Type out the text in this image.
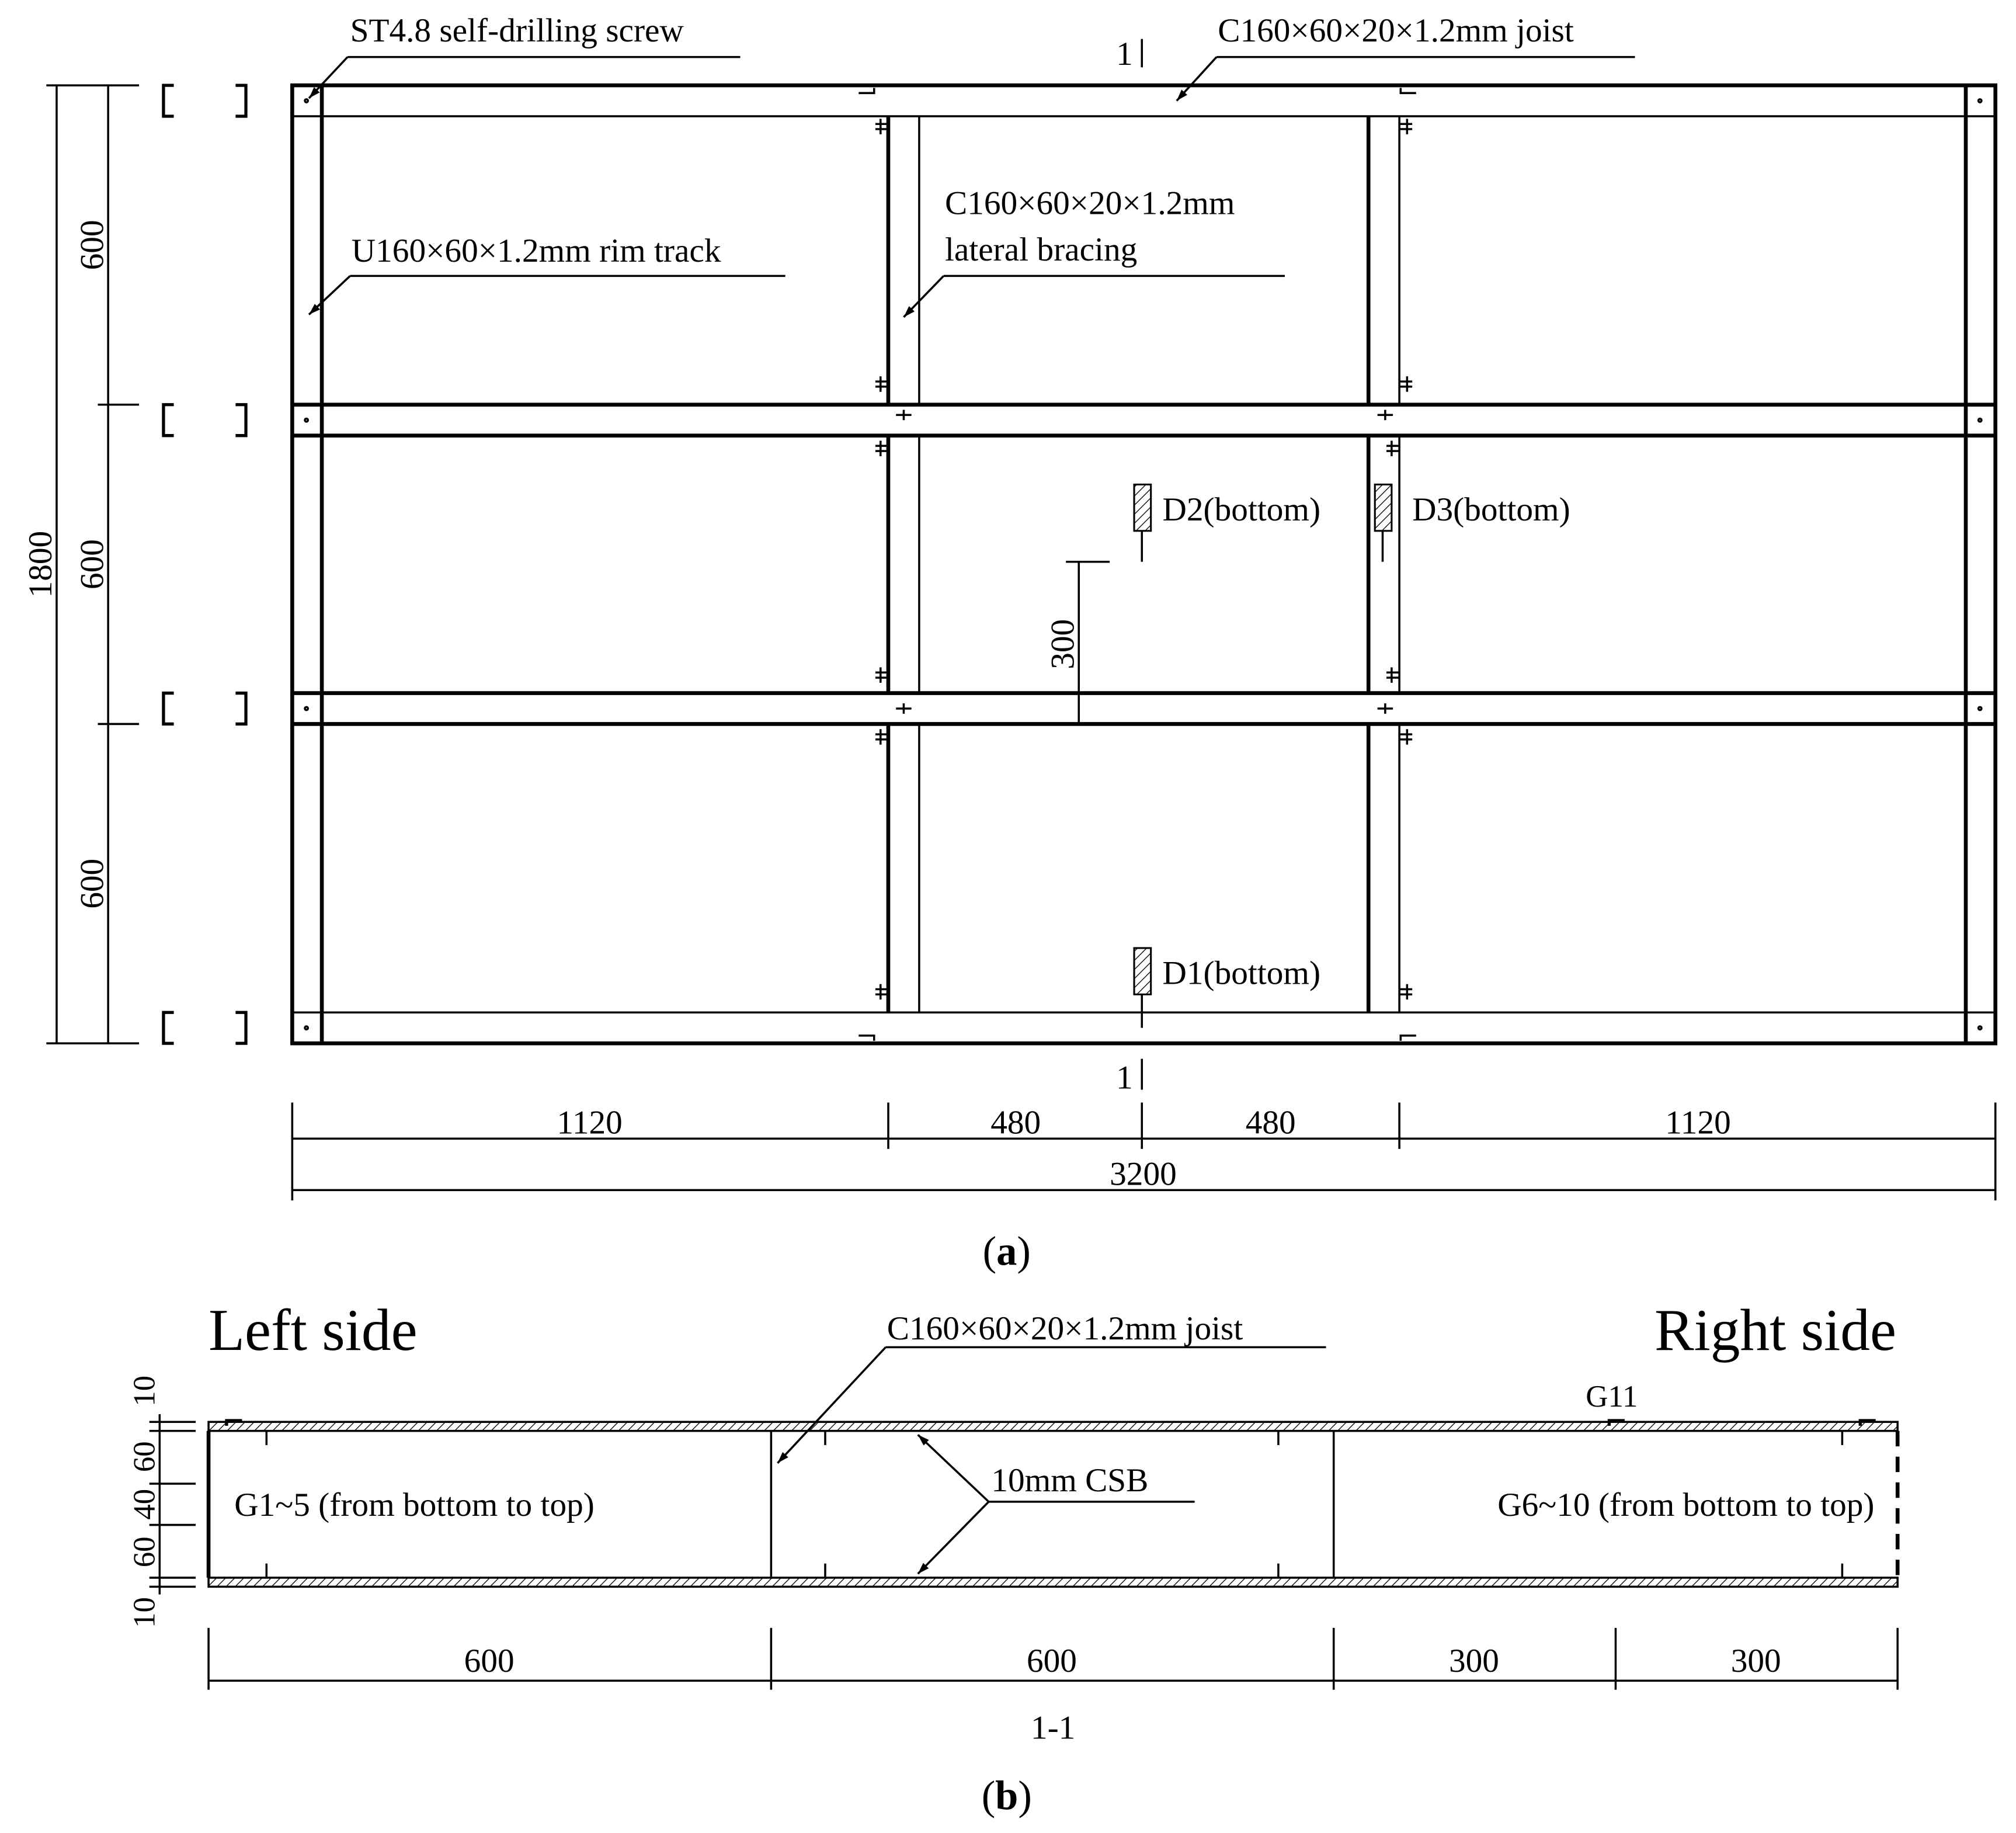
1800
600
600
600
1
1
ST4.8 self-drilling screw	C160×60×20×1.2mm joist
U160×60×1.2mm rim track
C160×60×20×1.2mm
lateral bracing
D2(bottom)	D3(bottom)
D1(bottom)
300
1120	480	480	1120
3200
(a)
Left side	Right side
10
60
40
60
10
G1~5 (from bottom to top)	G6~10 (from bottom to top)
G11
C160×60×20×1.2mm joist
10mm CSB
600	600	300	300
1-1
(b)
